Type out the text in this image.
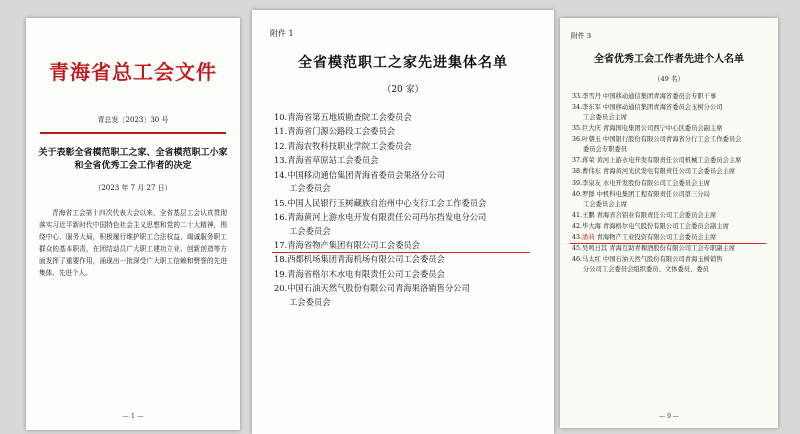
青海省总工会文件
青总发〔2023〕30 号
关于表彰全省模范职工之家、全省模范职工小家和全省优秀工会工作者的决定
（2023 年 7 月 27 日）
青海省工会第十四次代表大会以来，全省基层工会认真贯彻落实习近平新时代中国特色社会主义思想和党的二十大精神，围绕中心、服务大局，积极履行维护职工合法权益、竭诚服务职工群众的基本职责，在团结动员广大职工建功立业、创新创造等方面发挥了重要作用，涌现出一批深受广大职工信赖和赞誉的先进集体、先进个人。
— 1 —
附件 1
全省模范职工之家先进集体名单
（20 家）
10.青海省第五地质勘查院工会委员会
11.青海省门源公路段工会委员会
12.青海农牧科技职业学院工会委员会
13.青海省草原站工会委员会
14.中国移动通信集团青海省委员会果洛分公司
工会委员会
15.中国人民银行玉树藏族自治州中心支行工会工作委员会
16.青海黄河上游水电开发有限责任公司玛尔挡发电分公司
工会委员会
17.青海省物产集团有限公司工会委员会
18.西都机场集团青海机场有限公司工会委员会
19.青海省格尔木水电有限责任公司工会委员会
20.中国石油天然气股份有限公司青海果洛销售分公司
工会委员会
附件 3
全省优秀工会工作者先进个人名单
（49 名）
33.李雪丹 中国移动通信集团青海省委员会专职干事
34.李东军 中国移动通信集团青海省委员会玉树分公司
工会委员会主席
35.巨大庆 青海国电集团公司西宁中心区委员会副主席
36.叶朝玉 中国银行股份有限公司青海省分行工会工作委员会
委员会专职委员
37.蒋荣 黄河上游水电开发有限责任公司机械工会委员会主席
38.曹伟东 青海黄河光伏发电有限责任公司工会委员会主席
39.李泉友 水电开发股份有限公司工会委员会主席
40.罗群 中机科电集团工程有限责任公司第三分局
工会委员会主席
41.王鹏 青海省合铝业有限责任公司工会委员会主席
42.毕大海 青海格尔电气股份有限公司工会委员会副主席
43.潘莉 青海物产工业投资有限公司工会委员会主席
45.吴鸣日其 青海互助青稞酒股份有限公司工会专职副主席
46.马太红 中国石油天然气股份有限公司青海玉树销售
分公司工会委员会组织委员、文体委员、委员
— 9 —
